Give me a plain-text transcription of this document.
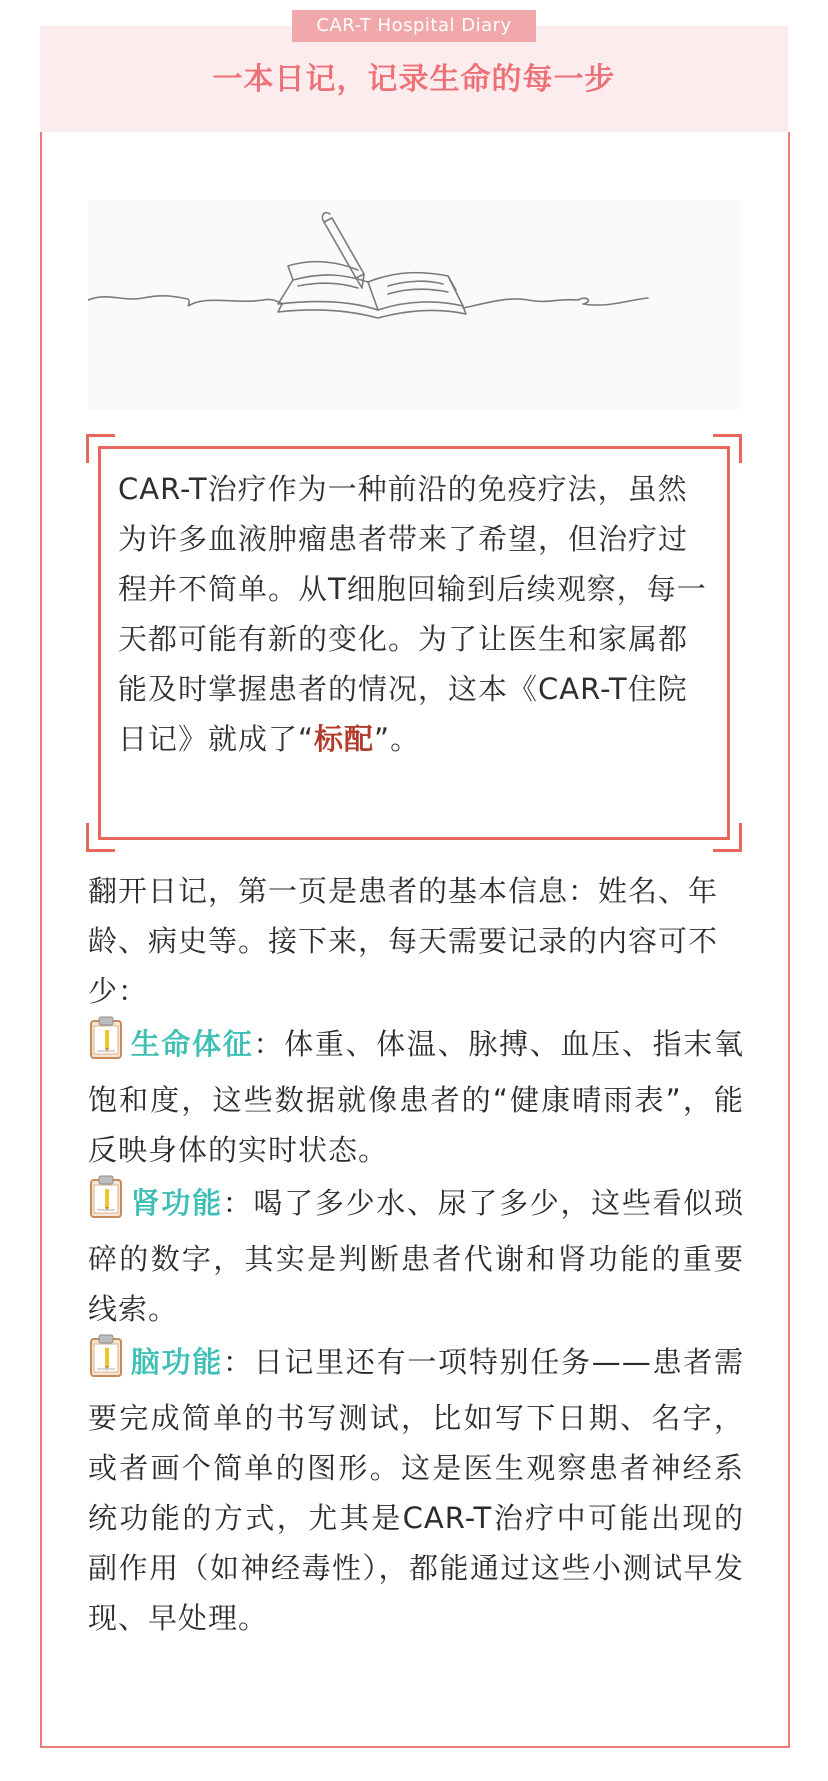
CAR-T Hospital Diary
一本日记，记录生命的每一步
CAR-T治疗作为一种前沿的免疫疗法，虽然为许多血液肿瘤患者带来了希望，但治疗过程并不简单。从T细胞回输到后续观察，每一天都可能有新的变化。为了让医生和家属都能及时掌握患者的情况，这本《CAR-T住院日记》就成了“标配”。

翻开日记，第一页是患者的基本信息：姓名、年龄、病史等。接下来，每天需要记录的内容可不少：

生命体征：体重、体温、脉搏、血压、指末氧饱和度，这些数据就像患者的“健康晴雨表”，能反映身体的实时状态。

肾功能：喝了多少水、尿了多少，这些看似琐碎的数字，其实是判断患者代谢和肾功能的重要线索。

脑功能：日记里还有一项特别任务——患者需要完成简单的书写测试，比如写下日期、名字，或者画个简单的图形。这是医生观察患者神经系统功能的方式，尤其是CAR-T治疗中可能出现的副作用（如神经毒性），都能通过这些小测试早发现、早处理。
